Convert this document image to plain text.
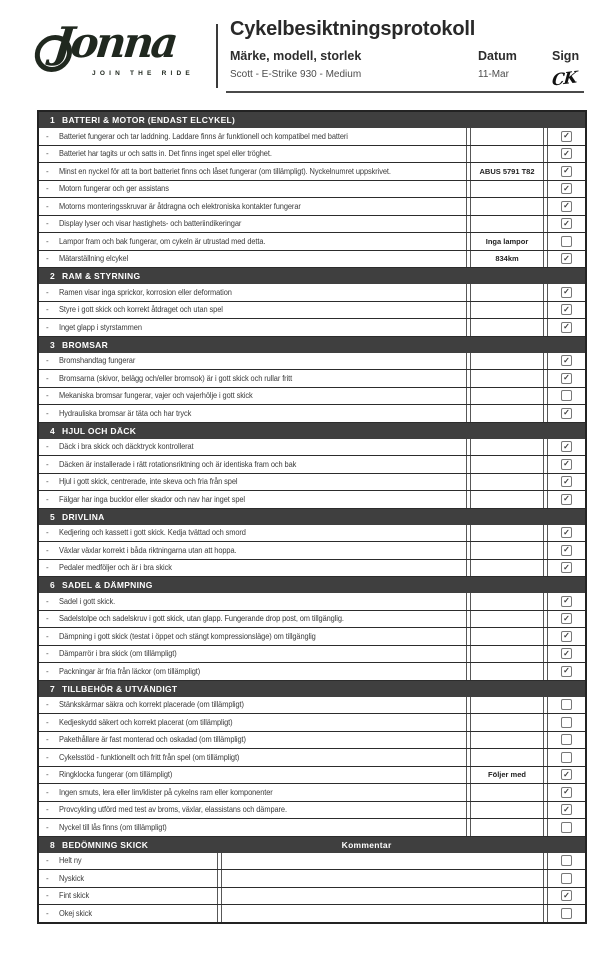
Jonna
JOIN THE RIDE
Cykelbesiktningsprotokoll
Märke, modell, storlek	Datum	Sign
Scott - E-Strike 930 - Medium	11-Mar	CK
1 BATTERI & MOTOR (ENDAST ELCYKEL)
- Batteriet fungerar och tar laddning. Laddare finns är funktionell och kompatibel med batteri	✓
- Batteriet har tagits ur och satts in. Det finns inget spel eller tröghet.	✓
- Minst en nyckel för att ta bort batteriet finns och låset fungerar (om tillämpligt). Nyckelnumret uppskrivet.	ABUS 5791 T82	✓
- Motorn fungerar och ger assistans	✓
- Motorns monteringsskruvar är åtdragna och elektroniska kontakter fungerar	✓
- Display lyser och visar hastighets- och batteriindikeringar	✓
- Lampor fram och bak fungerar, om cykeln är utrustad med detta.	Inga lampor
- Mätarställning elcykel	834km	✓
2 RAM & STYRNING
- Ramen visar inga sprickor, korrosion eller deformation	✓
- Styre i gott skick och korrekt åtdraget och utan spel	✓
- Inget glapp i styrstammen	✓
3 BROMSAR
- Bromshandtag fungerar	✓
- Bromsarna (skivor, belägg och/eller bromsok) är i gott skick och rullar fritt	✓
- Mekaniska bromsar fungerar, vajer och vajerhölje i gott skick
- Hydrauliska bromsar är täta och har tryck	✓
4 HJUL OCH DÄCK
- Däck i bra skick och däcktryck kontrollerat	✓
- Däcken är installerade i rätt rotationsriktning och är identiska fram och bak	✓
- Hjul i gott skick, centrerade, inte skeva och fria från spel	✓
- Fälgar har inga bucklor eller skador och nav har inget spel	✓
5 DRIVLINA
- Kedjering och kassett i gott skick. Kedja tvättad och smord	✓
- Växlar växlar korrekt i båda riktningarna utan att hoppa.	✓
- Pedaler medföljer och är i bra skick	✓
6 SADEL & DÄMPNING
- Sadel i gott skick.	✓
- Sadelstolpe och sadelskruv i gott skick, utan glapp. Fungerande drop post, om tillgänglig.	✓
- Dämpning i gott skick (testat i öppet och stängt kompressionsläge) om tillgänglig	✓
- Dämparrör i bra skick (om tillämpligt)	✓
- Packningar är fria från läckor (om tillämpligt)	✓
7 TILLBEHÖR & UTVÄNDIGT
- Stänkskärmar säkra och korrekt placerade (om tillämpligt)
- Kedjeskydd säkert och korrekt placerat (om tillämpligt)
- Pakethållare är fast monterad och oskadad (om tillämpligt)
- Cykelsstöd - funktionellt och fritt från spel (om tillämpligt)
- Ringklocka fungerar (om tillämpligt)	Följer med	✓
- Ingen smuts, lera eller lim/klister på cykelns ram eller komponenter	✓
- Provcykling utförd med test av broms, växlar, elassistans och dämpare.	✓
- Nyckel till lås finns (om tillämpligt)
8 BEDÖMNING SKICK	Kommentar
- Helt ny
- Nyskick
- Fint skick	✓
- Okej skick
